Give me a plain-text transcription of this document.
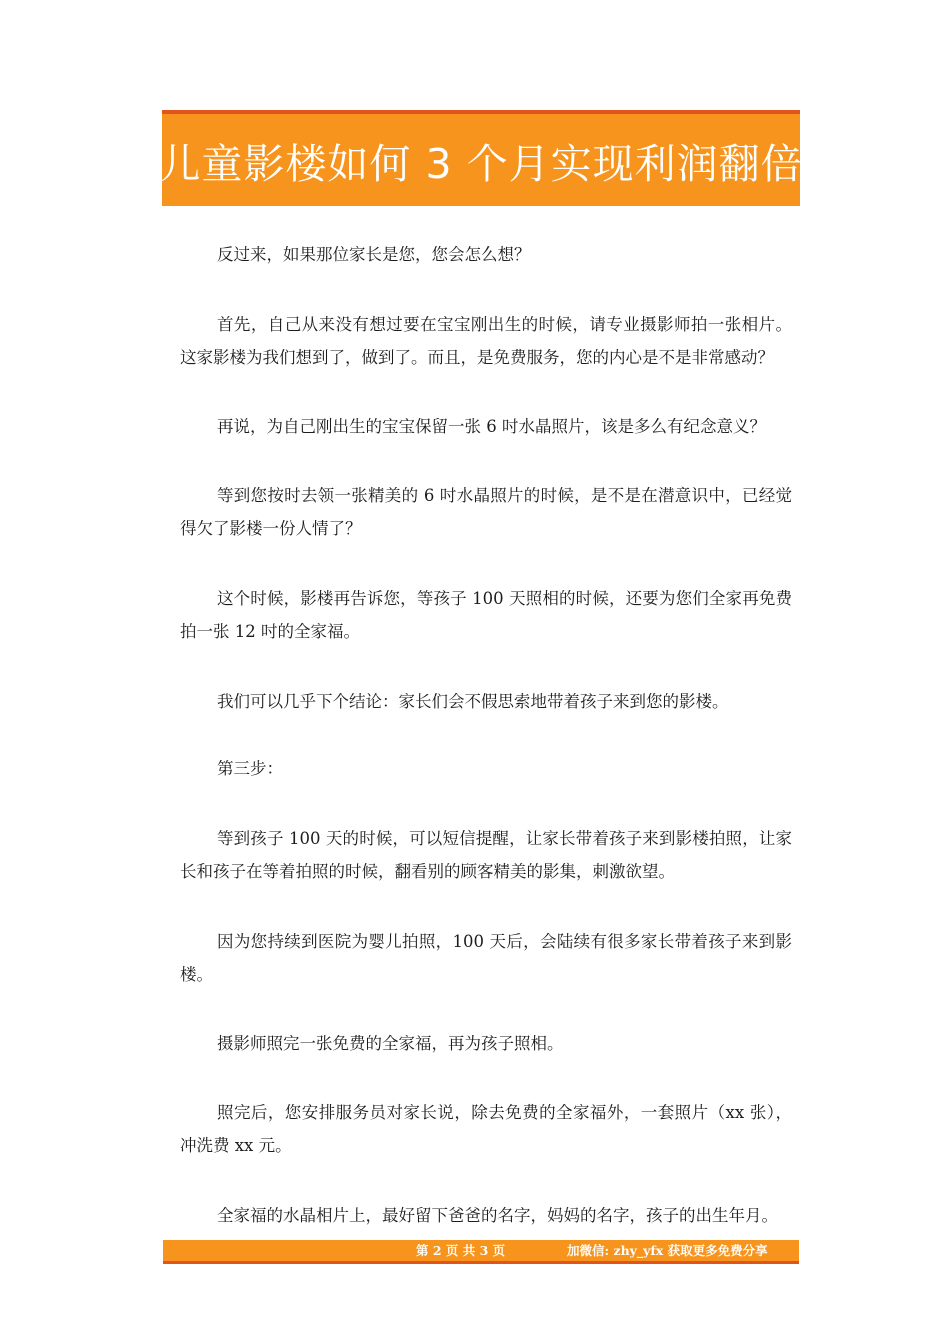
儿童影楼如何 3 个月实现利润翻倍

反过来，如果那位家长是您，您会怎么想？

首先，自己从来没有想过要在宝宝刚出生的时候，请专业摄影师拍一张相片。这家影楼为我们想到了，做到了。而且，是免费服务，您的内心是不是非常感动？

再说，为自己刚出生的宝宝保留一张 6 吋水晶照片，该是多么有纪念意义？

等到您按时去领一张精美的 6 吋水晶照片的时候，是不是在潜意识中，已经觉得欠了影楼一份人情了？

这个时候，影楼再告诉您，等孩子 100 天照相的时候，还要为您们全家再免费拍一张 12 吋的全家福。

我们可以几乎下个结论：家长们会不假思索地带着孩子来到您的影楼。

第三步：

等到孩子 100 天的时候，可以短信提醒，让家长带着孩子来到影楼拍照，让家长和孩子在等着拍照的时候，翻看别的顾客精美的影集，刺激欲望。

因为您持续到医院为婴儿拍照，100 天后，会陆续有很多家长带着孩子来到影楼。

摄影师照完一张免费的全家福，再为孩子照相。

照完后，您安排服务员对家长说，除去免费的全家福外，一套照片（xx 张），冲洗费 xx 元。

全家福的水晶相片上，最好留下爸爸的名字，妈妈的名字，孩子的出生年月。

第 2 页 共 3 页	加微信: zhy_yfx 获取更多免费分享
